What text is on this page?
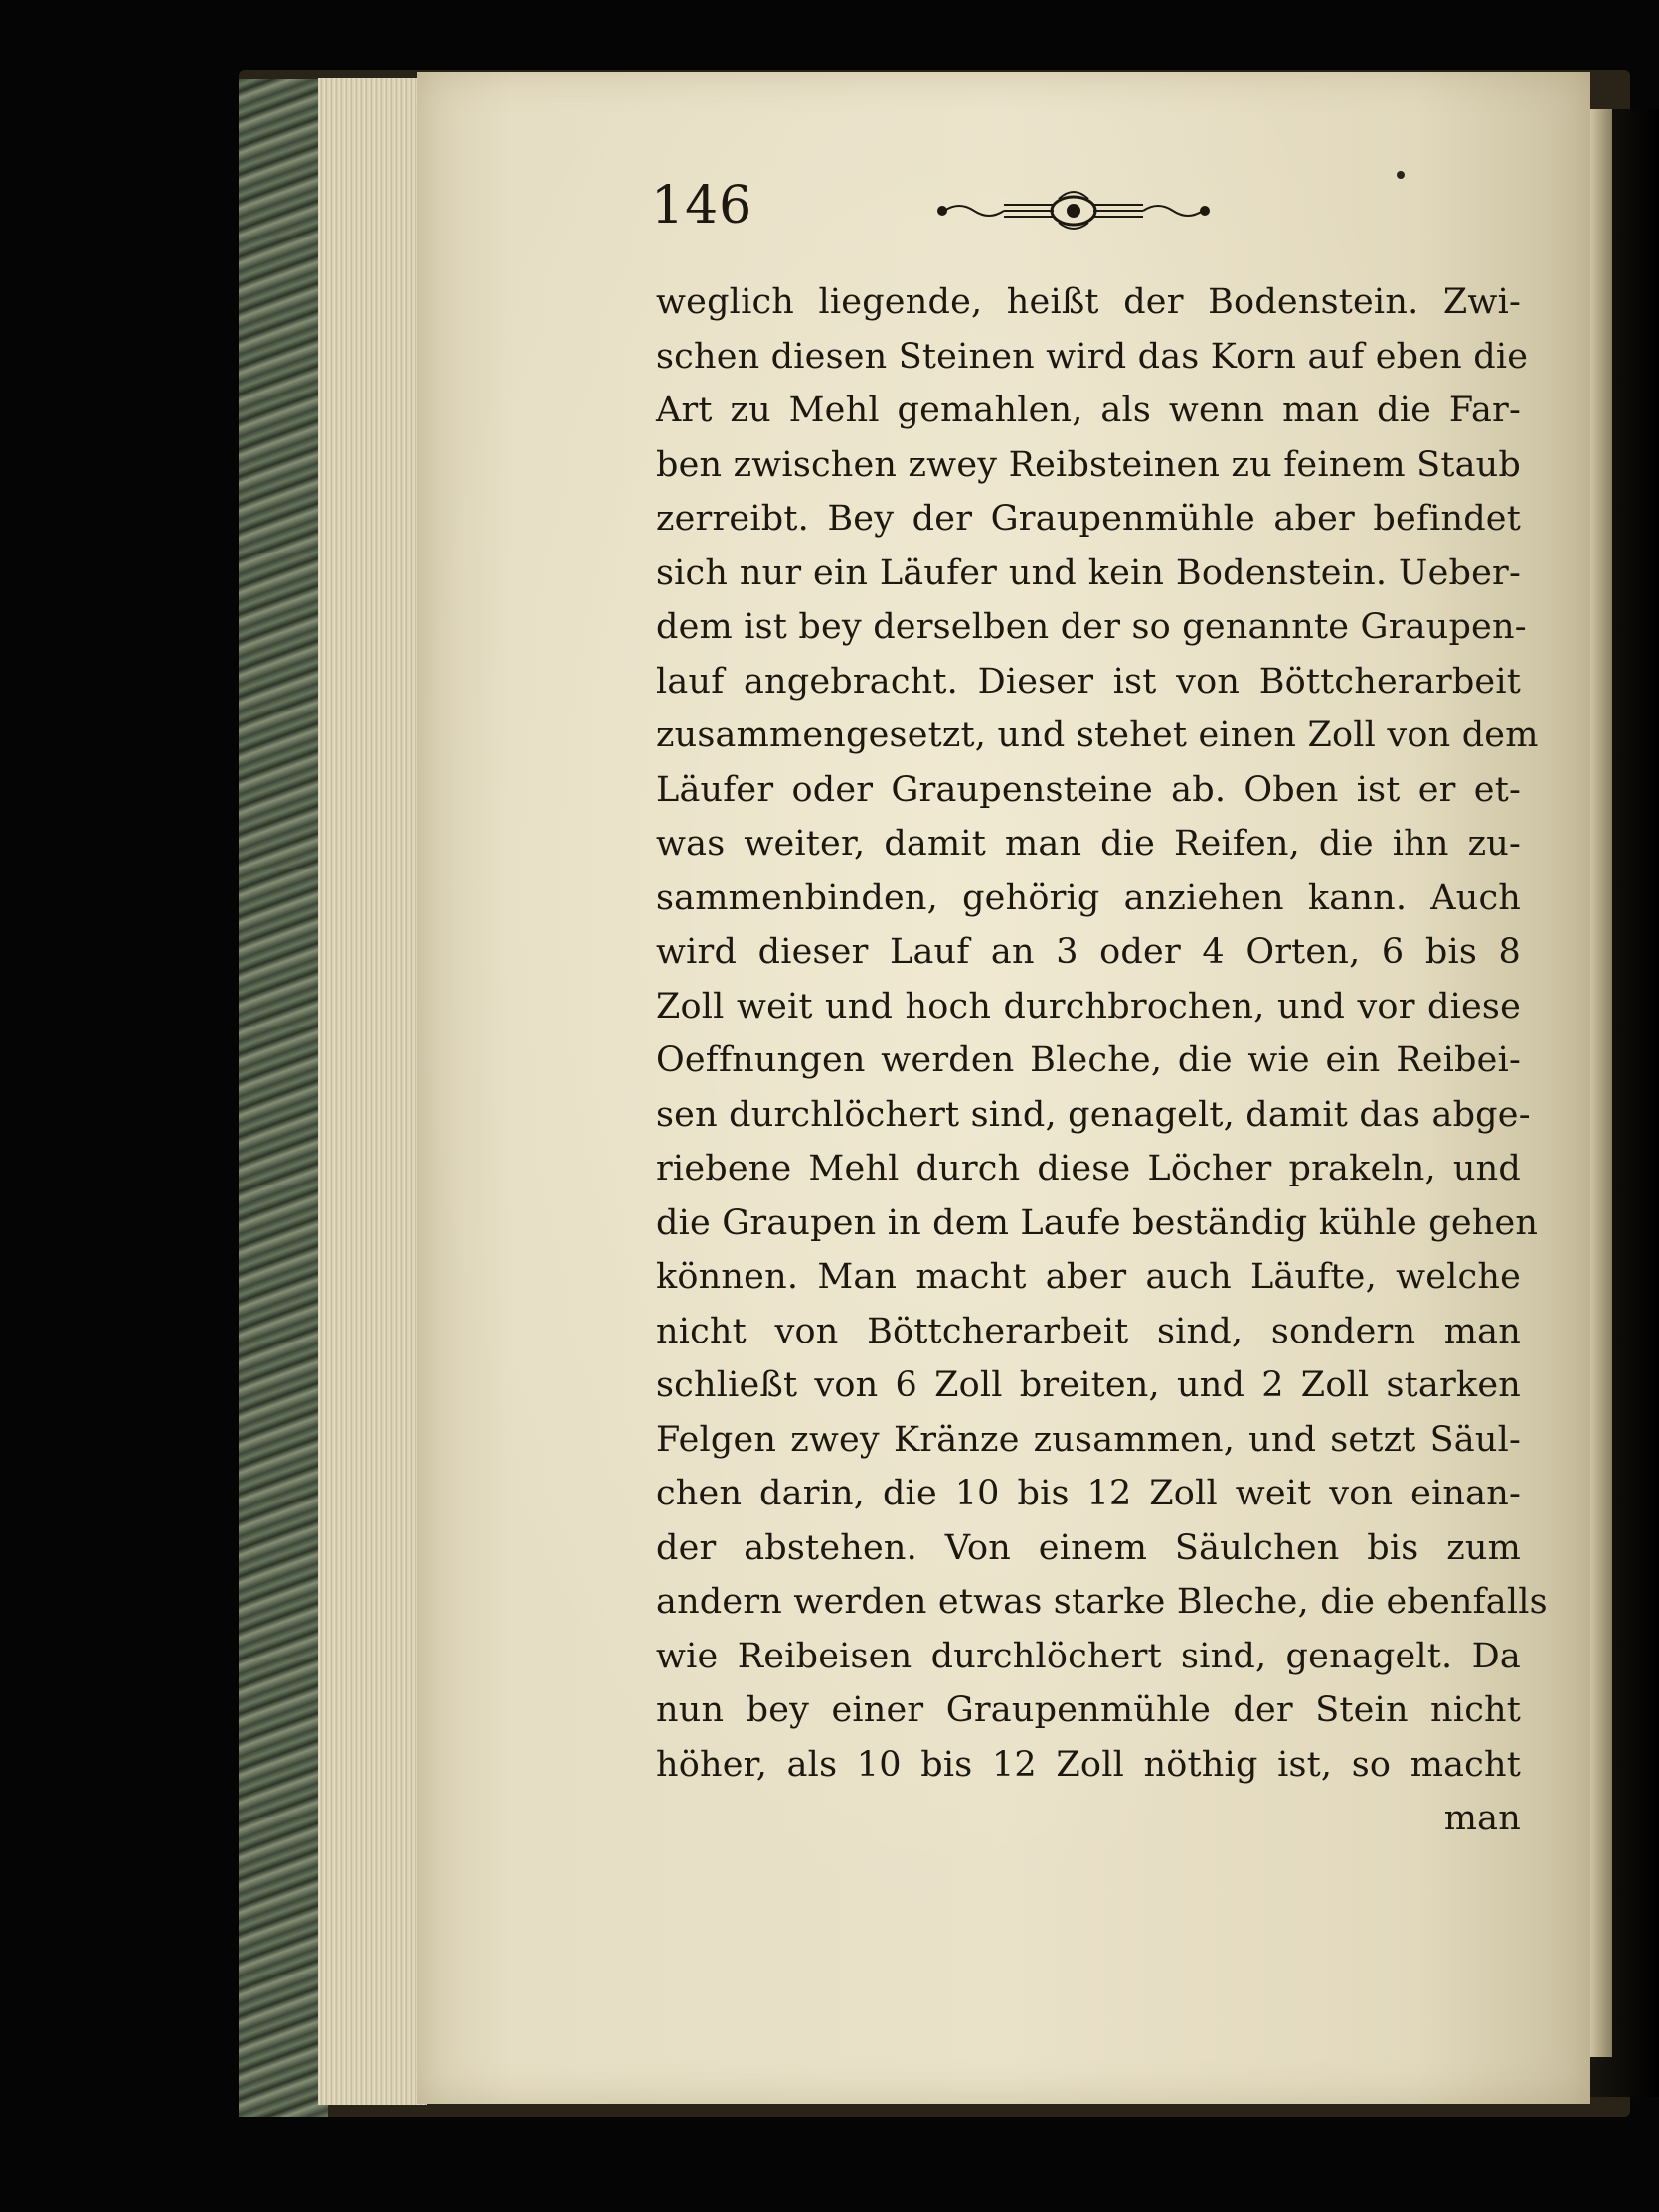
146
weglich liegende, heißt der Bodenstein. Zwi-
schen diesen Steinen wird das Korn auf eben die
Art zu Mehl gemahlen, als wenn man die Far-
ben zwischen zwey Reibsteinen zu feinem Staub
zerreibt. Bey der Graupenmühle aber befindet
sich nur ein Läufer und kein Bodenstein. Ueber-
dem ist bey derselben der so genannte Graupen-
lauf angebracht. Dieser ist von Böttcherarbeit
zusammengesetzt, und stehet einen Zoll von dem
Läufer oder Graupensteine ab. Oben ist er et-
was weiter, damit man die Reifen, die ihn zu-
sammenbinden, gehörig anziehen kann. Auch
wird dieser Lauf an 3 oder 4 Orten, 6 bis 8
Zoll weit und hoch durchbrochen, und vor diese
Oeffnungen werden Bleche, die wie ein Reibei-
sen durchlöchert sind, genagelt, damit das abge-
riebene Mehl durch diese Löcher prakeln, und
die Graupen in dem Laufe beständig kühle gehen
können. Man macht aber auch Läufte, welche
nicht von Böttcherarbeit sind, sondern man
schließt von 6 Zoll breiten, und 2 Zoll starken
Felgen zwey Kränze zusammen, und setzt Säul-
chen darin, die 10 bis 12 Zoll weit von einan-
der abstehen. Von einem Säulchen bis zum
andern werden etwas starke Bleche, die ebenfalls
wie Reibeisen durchlöchert sind, genagelt. Da
nun bey einer Graupenmühle der Stein nicht
höher, als 10 bis 12 Zoll nöthig ist, so macht
man
